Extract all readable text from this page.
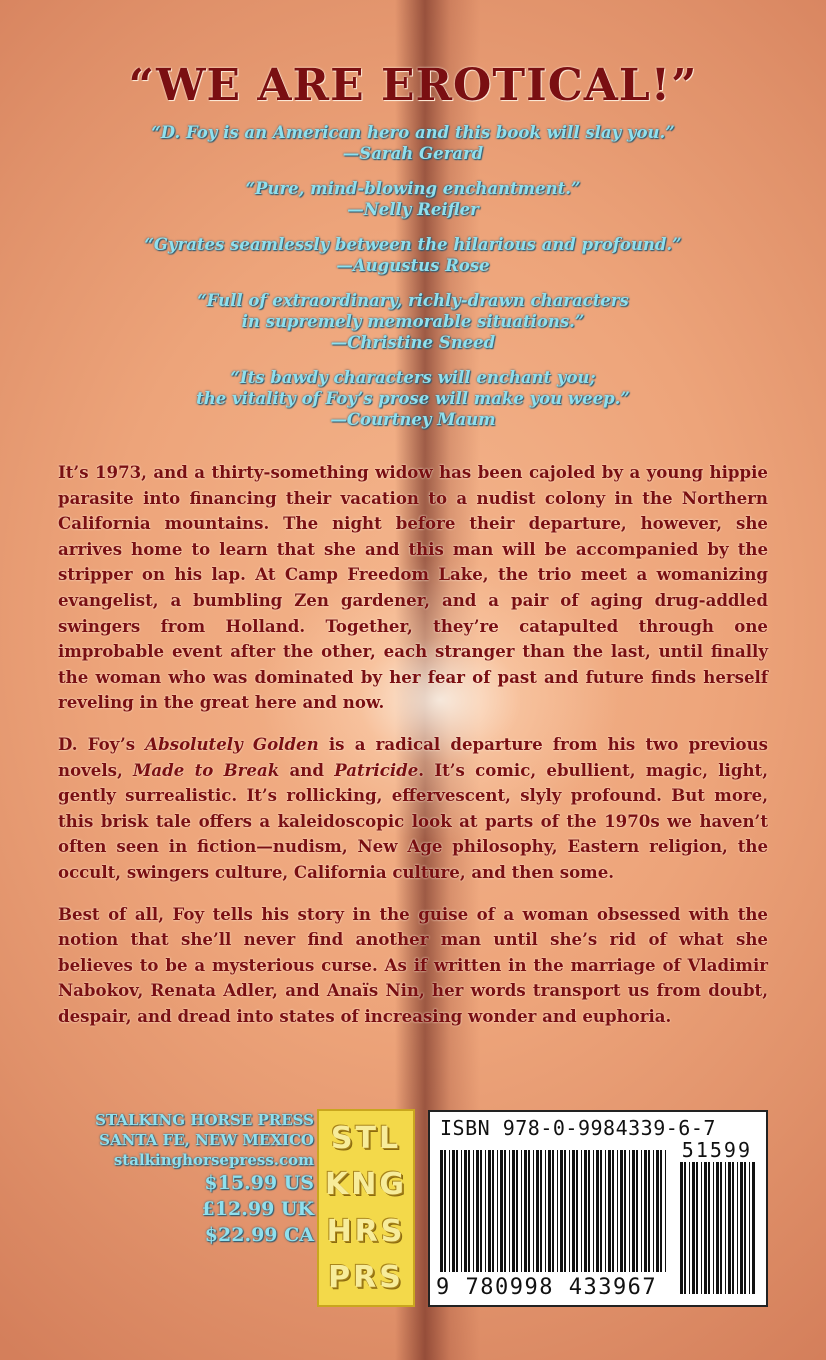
“WE ARE EROTICAL!”
“D. Foy is an American hero and this book will slay you.”
—Sarah Gerard
“Pure, mind-blowing enchantment.”
—Nelly Reifler
“Gyrates seamlessly between the hilarious and profound.”
—Augustus Rose
“Full of extraordinary, richly-drawn characters
in supremely memorable situations.”
—Christine Sneed
“Its bawdy characters will enchant you;
the vitality of Foy’s prose will make you weep.”
—Courtney Maum

It’s 1973, and a thirty-something widow has been cajoled by a young hippie parasite into financing their vacation to a nudist colony in the Northern California mountains. The night before their departure, however, she arrives home to learn that she and this man will be accompanied by the stripper on his lap. At Camp Freedom Lake, the trio meet a womanizing evangelist, a bumbling Zen gardener, and a pair of aging drug-addled swingers from Holland. Together, they’re catapulted through one improbable event after the other, each stranger than the last, until finally the woman who was dominated by her fear of past and future finds herself reveling in the great here and now.

D. Foy’s Absolutely Golden is a radical departure from his two previous novels, Made to Break and Patricide. It’s comic, ebullient, magic, light, gently surrealistic. It’s rollicking, effervescent, slyly profound. But more, this brisk tale offers a kaleidoscopic look at parts of the 1970s we haven’t often seen in fiction—nudism, New Age philosophy, Eastern religion, the occult, swingers culture, California culture, and then some.

Best of all, Foy tells his story in the guise of a woman obsessed with the notion that she’ll never find another man until she’s rid of what she believes to be a mysterious curse. As if written in the marriage of Vladimir Nabokov, Renata Adler, and Anaïs Nin, her words transport us from doubt, despair, and dread into states of increasing wonder and euphoria.

STALKING HORSE PRESS
SANTA FE, NEW MEXICO
stalkinghorsepress.com
$15.99 US
£12.99 UK
$22.99 CA
STL
KNG
HRS
PRS
ISBN 978-0-9984339-6-7
51599
9 780998 433967
